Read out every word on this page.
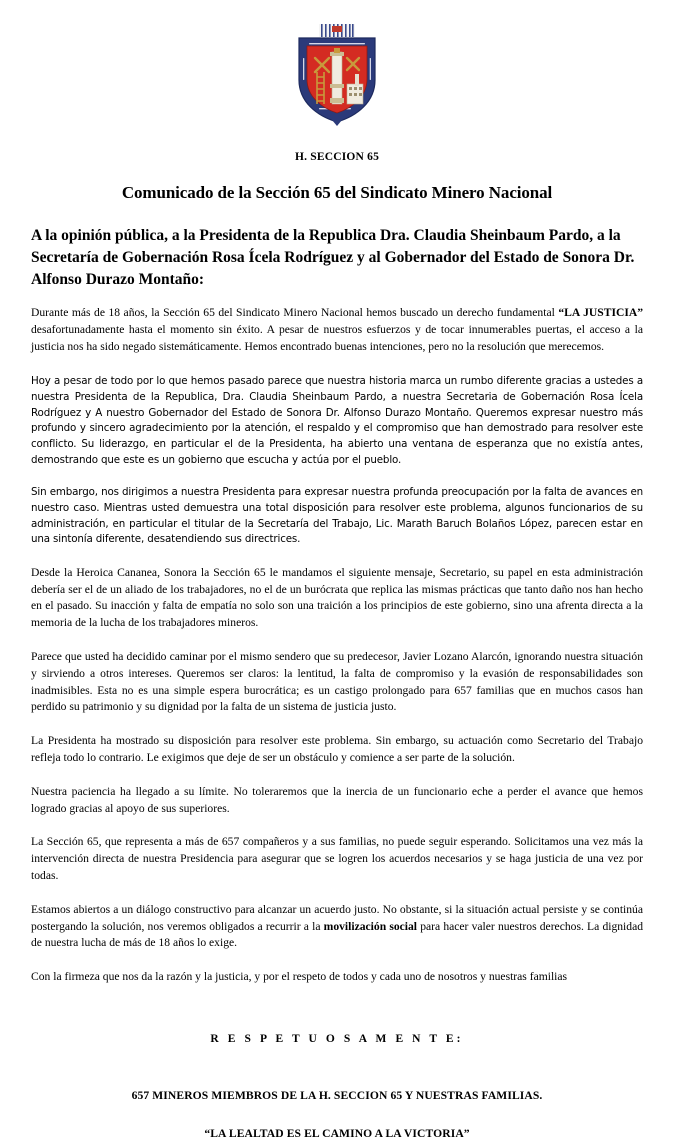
H. SECCION 65
Comunicado de la Sección 65 del Sindicato Minero Nacional
A la opinión pública, a la Presidenta de la Republica Dra. Claudia Sheinbaum Pardo, a la Secretaría de Gobernación Rosa Ícela Rodríguez y al Gobernador del Estado de Sonora Dr. Alfonso Durazo Montaño:

Durante más de 18 años, la Sección 65 del Sindicato Minero Nacional hemos buscado un derecho fundamental “LA JUSTICIA” desafortunadamente hasta el momento sin éxito. A pesar de nuestros esfuerzos y de tocar innumerables puertas, el acceso a la justicia nos ha sido negado sistemáticamente. Hemos encontrado buenas intenciones, pero no la resolución que merecemos.

Hoy a pesar de todo por lo que hemos pasado parece que nuestra historia marca un rumbo diferente gracias a ustedes a nuestra Presidenta de la Republica, Dra. Claudia Sheinbaum Pardo, a nuestra Secretaria de Gobernación Rosa Ícela Rodríguez y A nuestro Gobernador del Estado de Sonora Dr. Alfonso Durazo Montaño. Queremos expresar nuestro más profundo y sincero agradecimiento por la atención, el respaldo y el compromiso que han demostrado para resolver este conflicto. Su liderazgo, en particular el de la Presidenta, ha abierto una ventana de esperanza que no existía antes, demostrando que este es un gobierno que escucha y actúa por el pueblo.

Sin embargo, nos dirigimos a nuestra Presidenta para expresar nuestra profunda preocupación por la falta de avances en nuestro caso. Mientras usted demuestra una total disposición para resolver este problema, algunos funcionarios de su administración, en particular el titular de la Secretaría del Trabajo, Lic. Marath Baruch Bolaños López, parecen estar en una sintonía diferente, desatendiendo sus directrices.

Desde la Heroica Cananea, Sonora la Sección 65 le mandamos el siguiente mensaje, Secretario, su papel en esta administración debería ser el de un aliado de los trabajadores, no el de un burócrata que replica las mismas prácticas que tanto daño nos han hecho en el pasado. Su inacción y falta de empatía no solo son una traición a los principios de este gobierno, sino una afrenta directa a la memoria de la lucha de los trabajadores mineros.

Parece que usted ha decidido caminar por el mismo sendero que su predecesor, Javier Lozano Alarcón, ignorando nuestra situación y sirviendo a otros intereses. Queremos ser claros: la lentitud, la falta de compromiso y la evasión de responsabilidades son inadmisibles. Esta no es una simple espera burocrática; es un castigo prolongado para 657 familias que en muchos casos han perdido su patrimonio y su dignidad por la falta de un sistema de justicia justo.

La Presidenta ha mostrado su disposición para resolver este problema. Sin embargo, su actuación como Secretario del Trabajo refleja todo lo contrario. Le exigimos que deje de ser un obstáculo y comience a ser parte de la solución.

Nuestra paciencia ha llegado a su límite. No toleraremos que la inercia de un funcionario eche a perder el avance que hemos logrado gracias al apoyo de sus superiores.

La Sección 65, que representa a más de 657 compañeros y a sus familias, no puede seguir esperando. Solicitamos una vez más la intervención directa de nuestra Presidencia para asegurar que se logren los acuerdos necesarios y se haga justicia de una vez por todas.

Estamos abiertos a un diálogo constructivo para alcanzar un acuerdo justo. No obstante, si la situación actual persiste y se continúa postergando la solución, nos veremos obligados a recurrir a la movilización social para hacer valer nuestros derechos. La dignidad de nuestra lucha de más de 18 años lo exige.

Con la firmeza que nos da la razón y la justicia, y por el respeto de todos y cada uno de nosotros y nuestras familias

R E S P E T U O S A M E N T E:
657 MINEROS MIEMBROS DE LA H. SECCION 65 Y NUESTRAS FAMILIAS.
“LA LEALTAD ES EL CAMINO A LA VICTORIA”
